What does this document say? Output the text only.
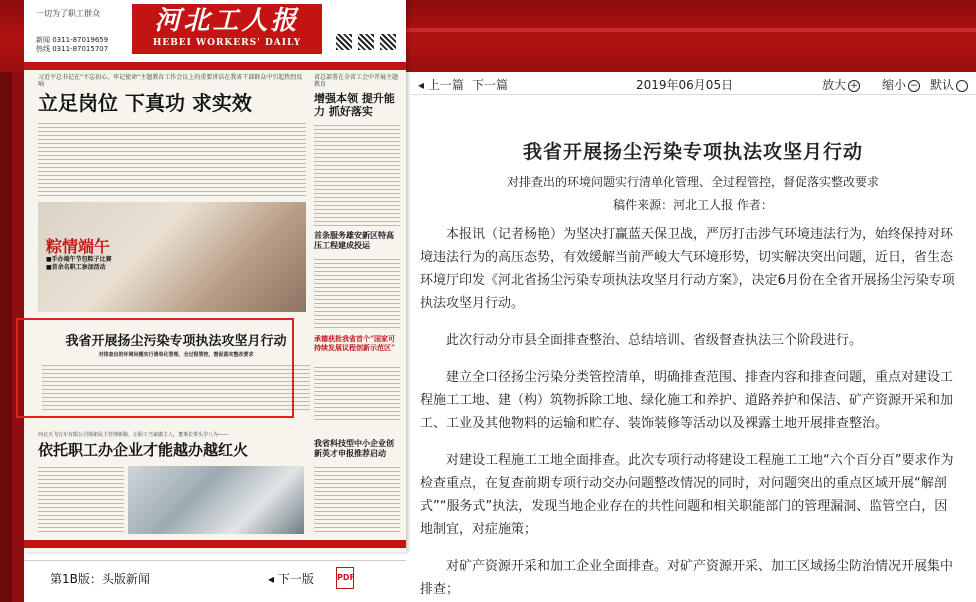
一切为了职工群众
新闻 0311-87019659
热线 0311-87015707
河北工人报
HEBEI WORKERS' DAILY
习近平总书记在“不忘初心、牢记使命”主题教育工作会议上的重要讲话在我省干部群众中引起热烈反响
立足岗位 下真功 求实效
省总部署在全省工会中开展主题教育
增强本领 提升能力 抓好落实
粽情端午
■手办端午节包粽子比赛
■首余名职工参加活动
首条服务雄安新区特高压工程建成投运
我省开展扬尘污染专项执法攻坚月行动
对排查出的环境问题实行清单化管理、全过程管控，督促落实整改要求
承德获批我省首个“国家可持续发展议程创新示范区”
河北天飞行车有限公司探索民主管理新路，让职工当家做主人，董事长带头学八为——
依托职工办企业才能越办越红火	我省科技型中小企业创新英才申报推荐启动
第1B版：头版新闻	◂ 下一版	PDF
◂ 上一篇 下一篇	2019年06月05日	放大 + 缩小 − 默认
我省开展扬尘污染专项执法攻坚月行动
对排查出的环境问题实行清单化管理、全过程管控，督促落实整改要求
稿件来源：河北工人报 作者：

本报讯（记者杨艳）为坚决打赢蓝天保卫战，严厉打击涉气环境违法行为，始终保持对环境违法行为的高压态势，有效缓解当前严峻大气环境形势，切实解决突出问题，近日，省生态环境厅印发《河北省扬尘污染专项执法攻坚月行动方案》，决定6月份在全省开展扬尘污染专项执法攻坚月行动。

此次行动分市县全面排查整治、总结培训、省级督查执法三个阶段进行。

建立全口径扬尘污染分类管控清单，明确排查范围、排查内容和排查问题，重点对建设工程施工工地、建（构）筑物拆除工地、绿化施工和养护、道路养护和保洁、矿产资源开采和加工、工业及其他物料的运输和贮存、装饰装修等活动以及裸露土地开展排查整治。

对建设工程施工工地全面排查。此次专项行动将建设工程施工工地“六个百分百”要求作为检查重点，在复查前期专项行动交办问题整改情况的同时，对问题突出的重点区域开展“解剖式”“服务式”执法，发现当地企业存在的共性问题和相关职能部门的管理漏洞、监管空白，因地制宜，对症施策；

对矿产资源开采和加工企业全面排查。对矿产资源开采、加工区域扬尘防治情况开展集中排查；
